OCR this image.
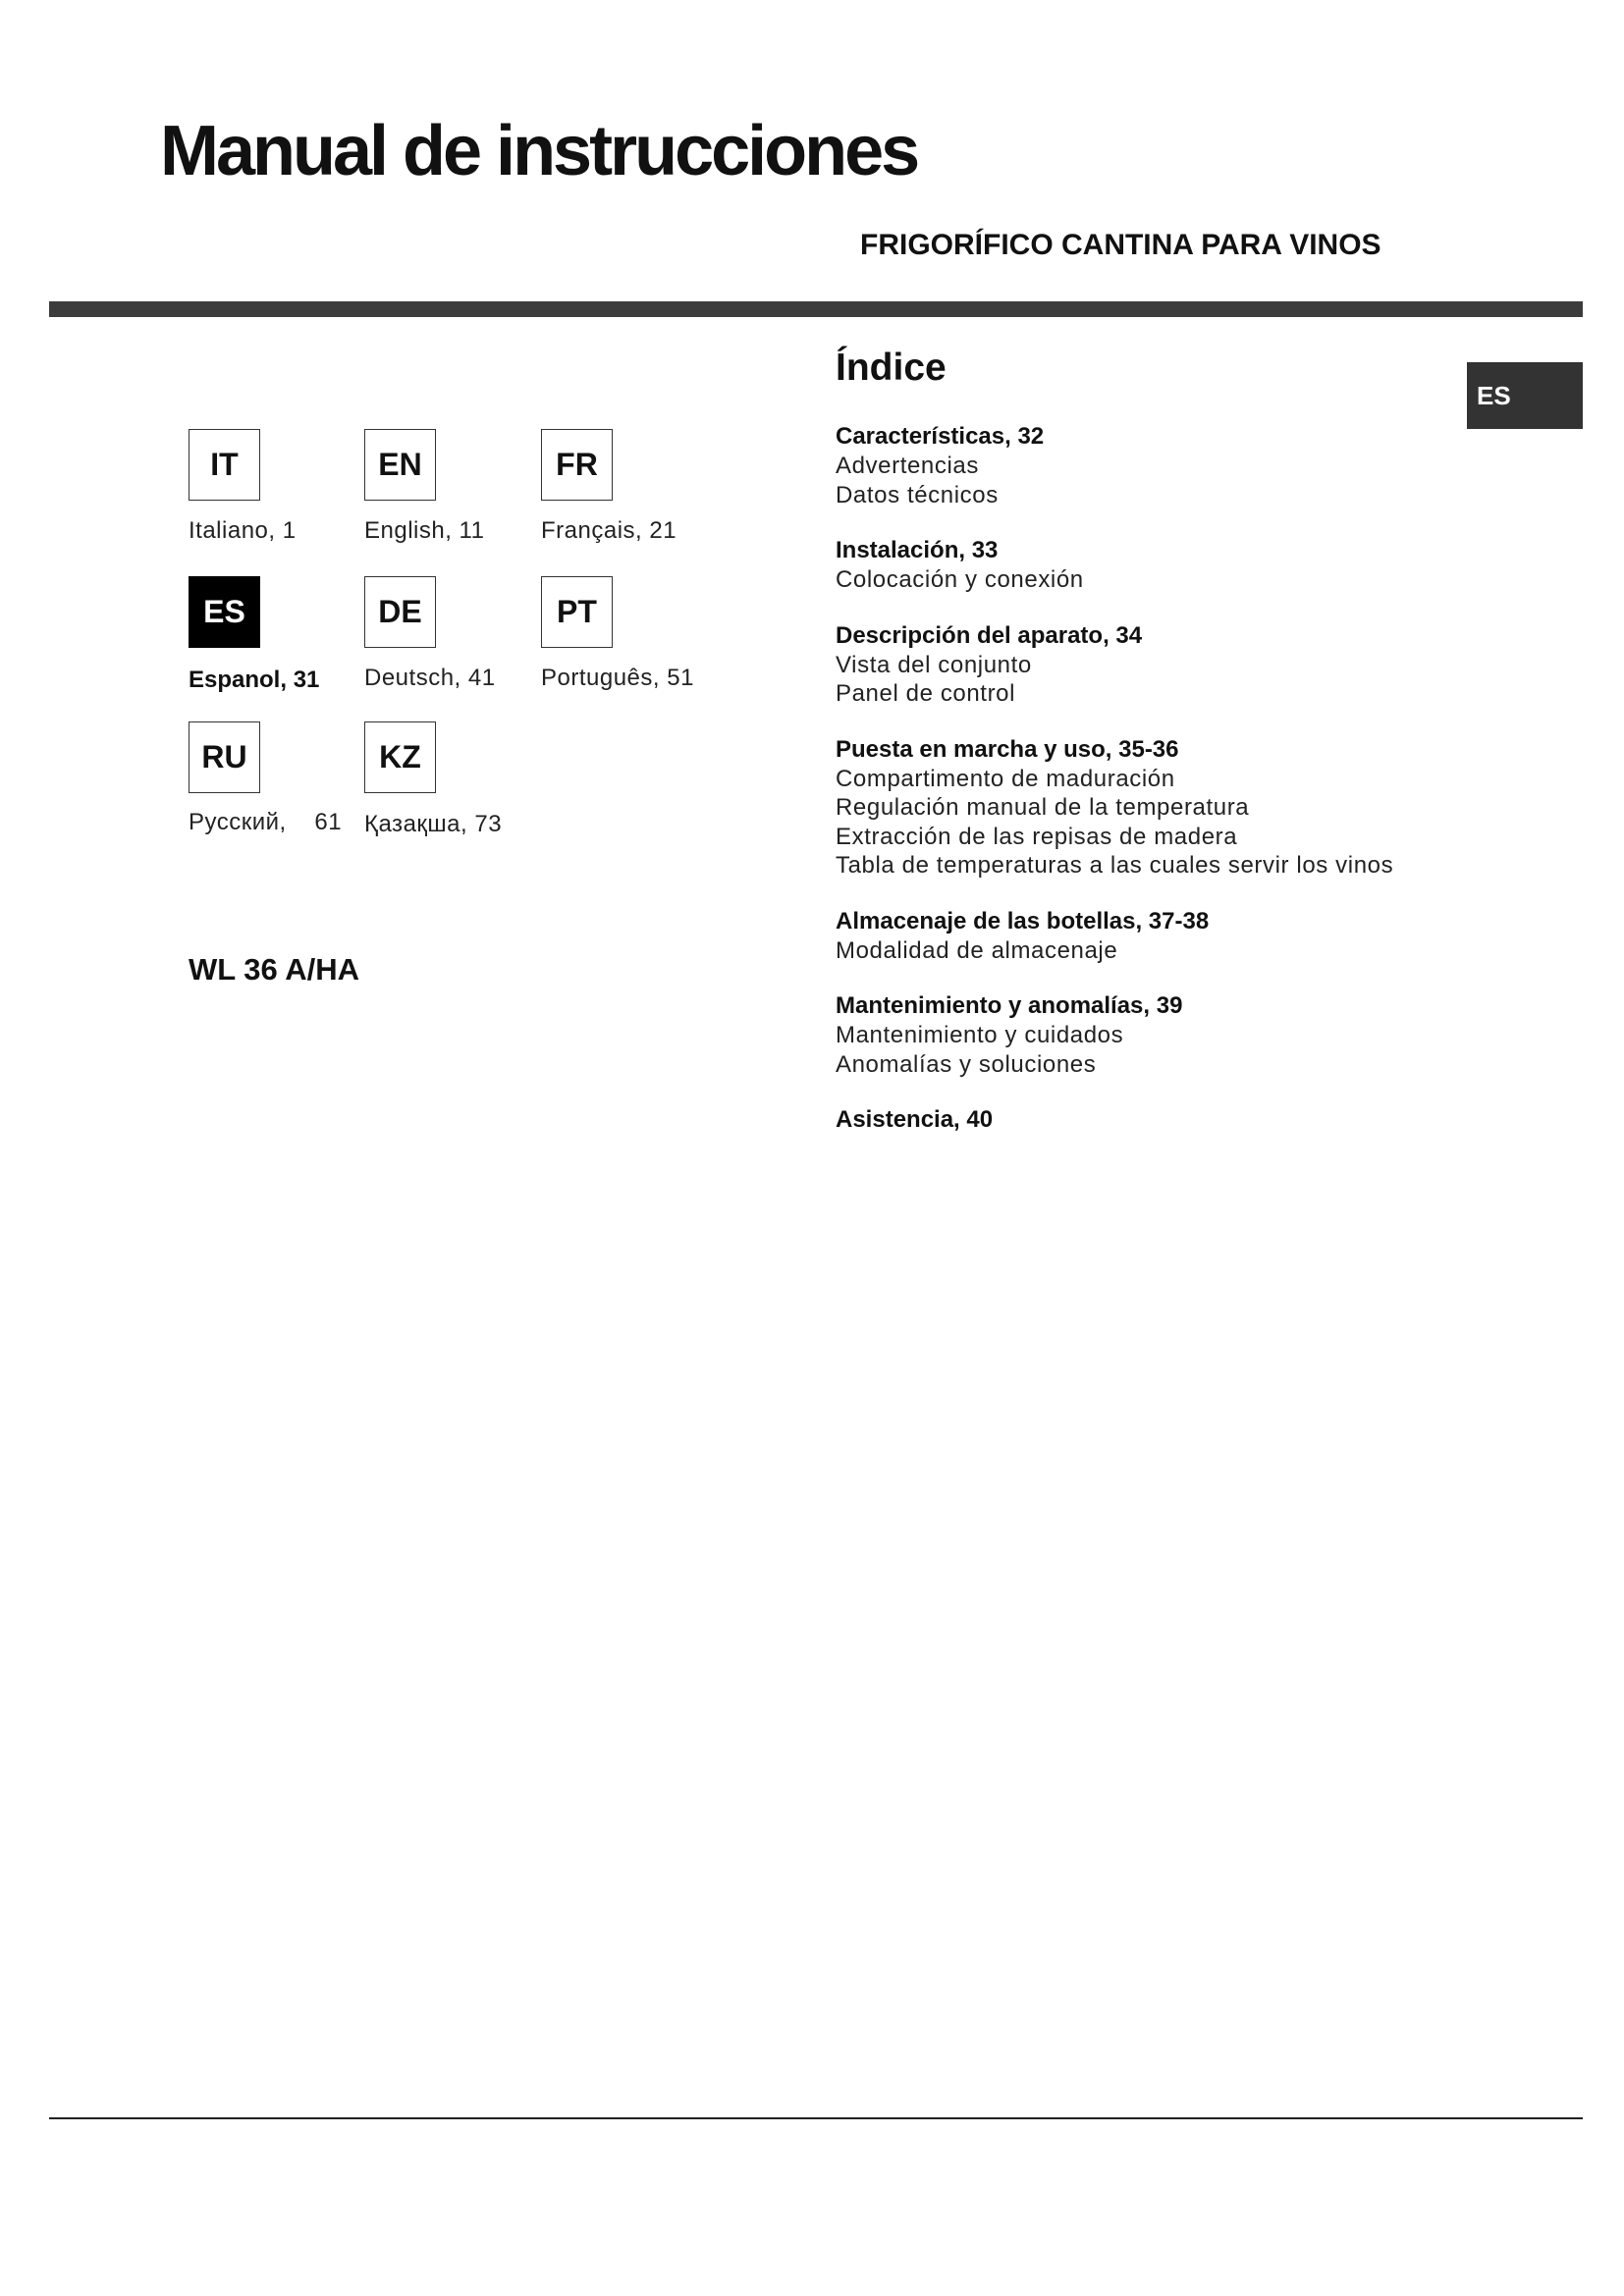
Manual de instrucciones
FRIGORÍFICO CANTINA PARA VINOS
ES
IT	EN	FR
Italiano, 1	English, 11 Français, 21
ES	DE	PT
Espanol, 31 Deutsch, 41 Português, 51
RU	KZ
Русский,    61 Қазақша, 73
WL 36 A/HA
Índice
Características, 32
Advertencias
Datos técnicos
Instalación, 33
Colocación y conexión
Descripción del aparato, 34
Vista del conjunto
Panel de control
Puesta en marcha y uso, 35-36
Compartimento de maduración
Regulación manual de la temperatura
Extracción de las repisas de madera
Tabla de temperaturas a las cuales servir los vinos
Almacenaje de las botellas, 37-38
Modalidad de almacenaje
Mantenimiento y anomalías, 39
Mantenimiento y cuidados
Anomalías y soluciones
Asistencia, 40
